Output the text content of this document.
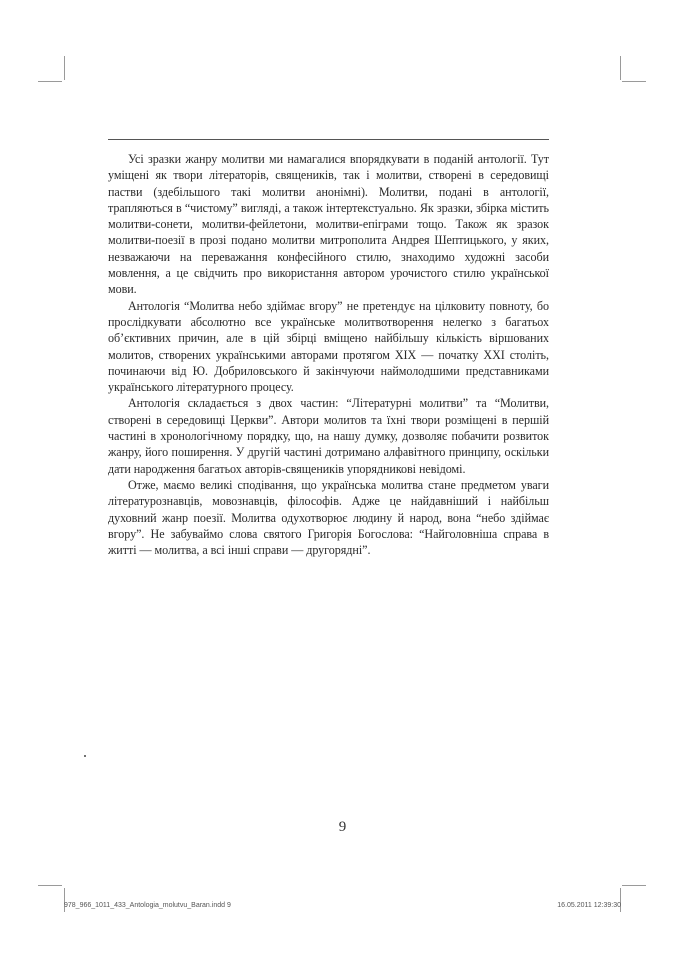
Усі зразки жанру молитви ми намагалися впорядкувати в поданій антології. Тут уміщені як твори літераторів, священиків, так і молитви, створені в середовищі пастви (здебільшого такі молитви анонімні). Молитви, подані в антології, трапляються в “чистому” вигляді, а також інтертекстуально. Як зразки, збірка містить молитви-сонети, молитви-фейлетони, молитви-епіграми тощо. Також як зразок молитви-поезії в прозі подано молитви митрополита Андрея Шептицького, у яких, незважаючи на переважання конфесійного стилю, знаходимо художні засоби мовлення, а це свідчить про використання автором урочистого стилю української мови.

Антологія “Молитва небо здіймає вгору” не претендує на цілковиту повноту, бо прослідкувати абсолютно все українське молитвотворення нелегко з багатьох об’єктивних причин, але в цій збірці вміщено найбільшу кількість віршованих молитов, створених українськими авторами протягом ХІХ — початку ХХІ століть, починаючи від Ю. Добриловського й закінчуючи наймолодшими представниками українського літературного процесу.

Антологія складається з двох частин: “Літературні молитви” та “Молитви, створені в середовищі Церкви”. Автори молитов та їхні твори розміщені в першій частині в хронологічному порядку, що, на нашу думку, дозволяє побачити розвиток жанру, його поширення. У другій частині дотримано алфавітного принципу, оскільки дати народження багатьох авторів-священиків упорядникові невідомі.

Отже, маємо великі сподівання, що українська молитва стане предметом уваги літературознавців, мовознавців, філософів. Адже це найдавніший і найбільш духовний жанр поезії. Молитва одухотворює людину й народ, вона “небо здіймає вгору”. Не забуваймо слова святого Григорія Богослова: “Найголовніша справа в житті — молитва, а всі інші справи — другорядні”.

9
978_966_1011_433_Antologia_molutvu_Baran.indd 9	16.05.2011 12:39:30
